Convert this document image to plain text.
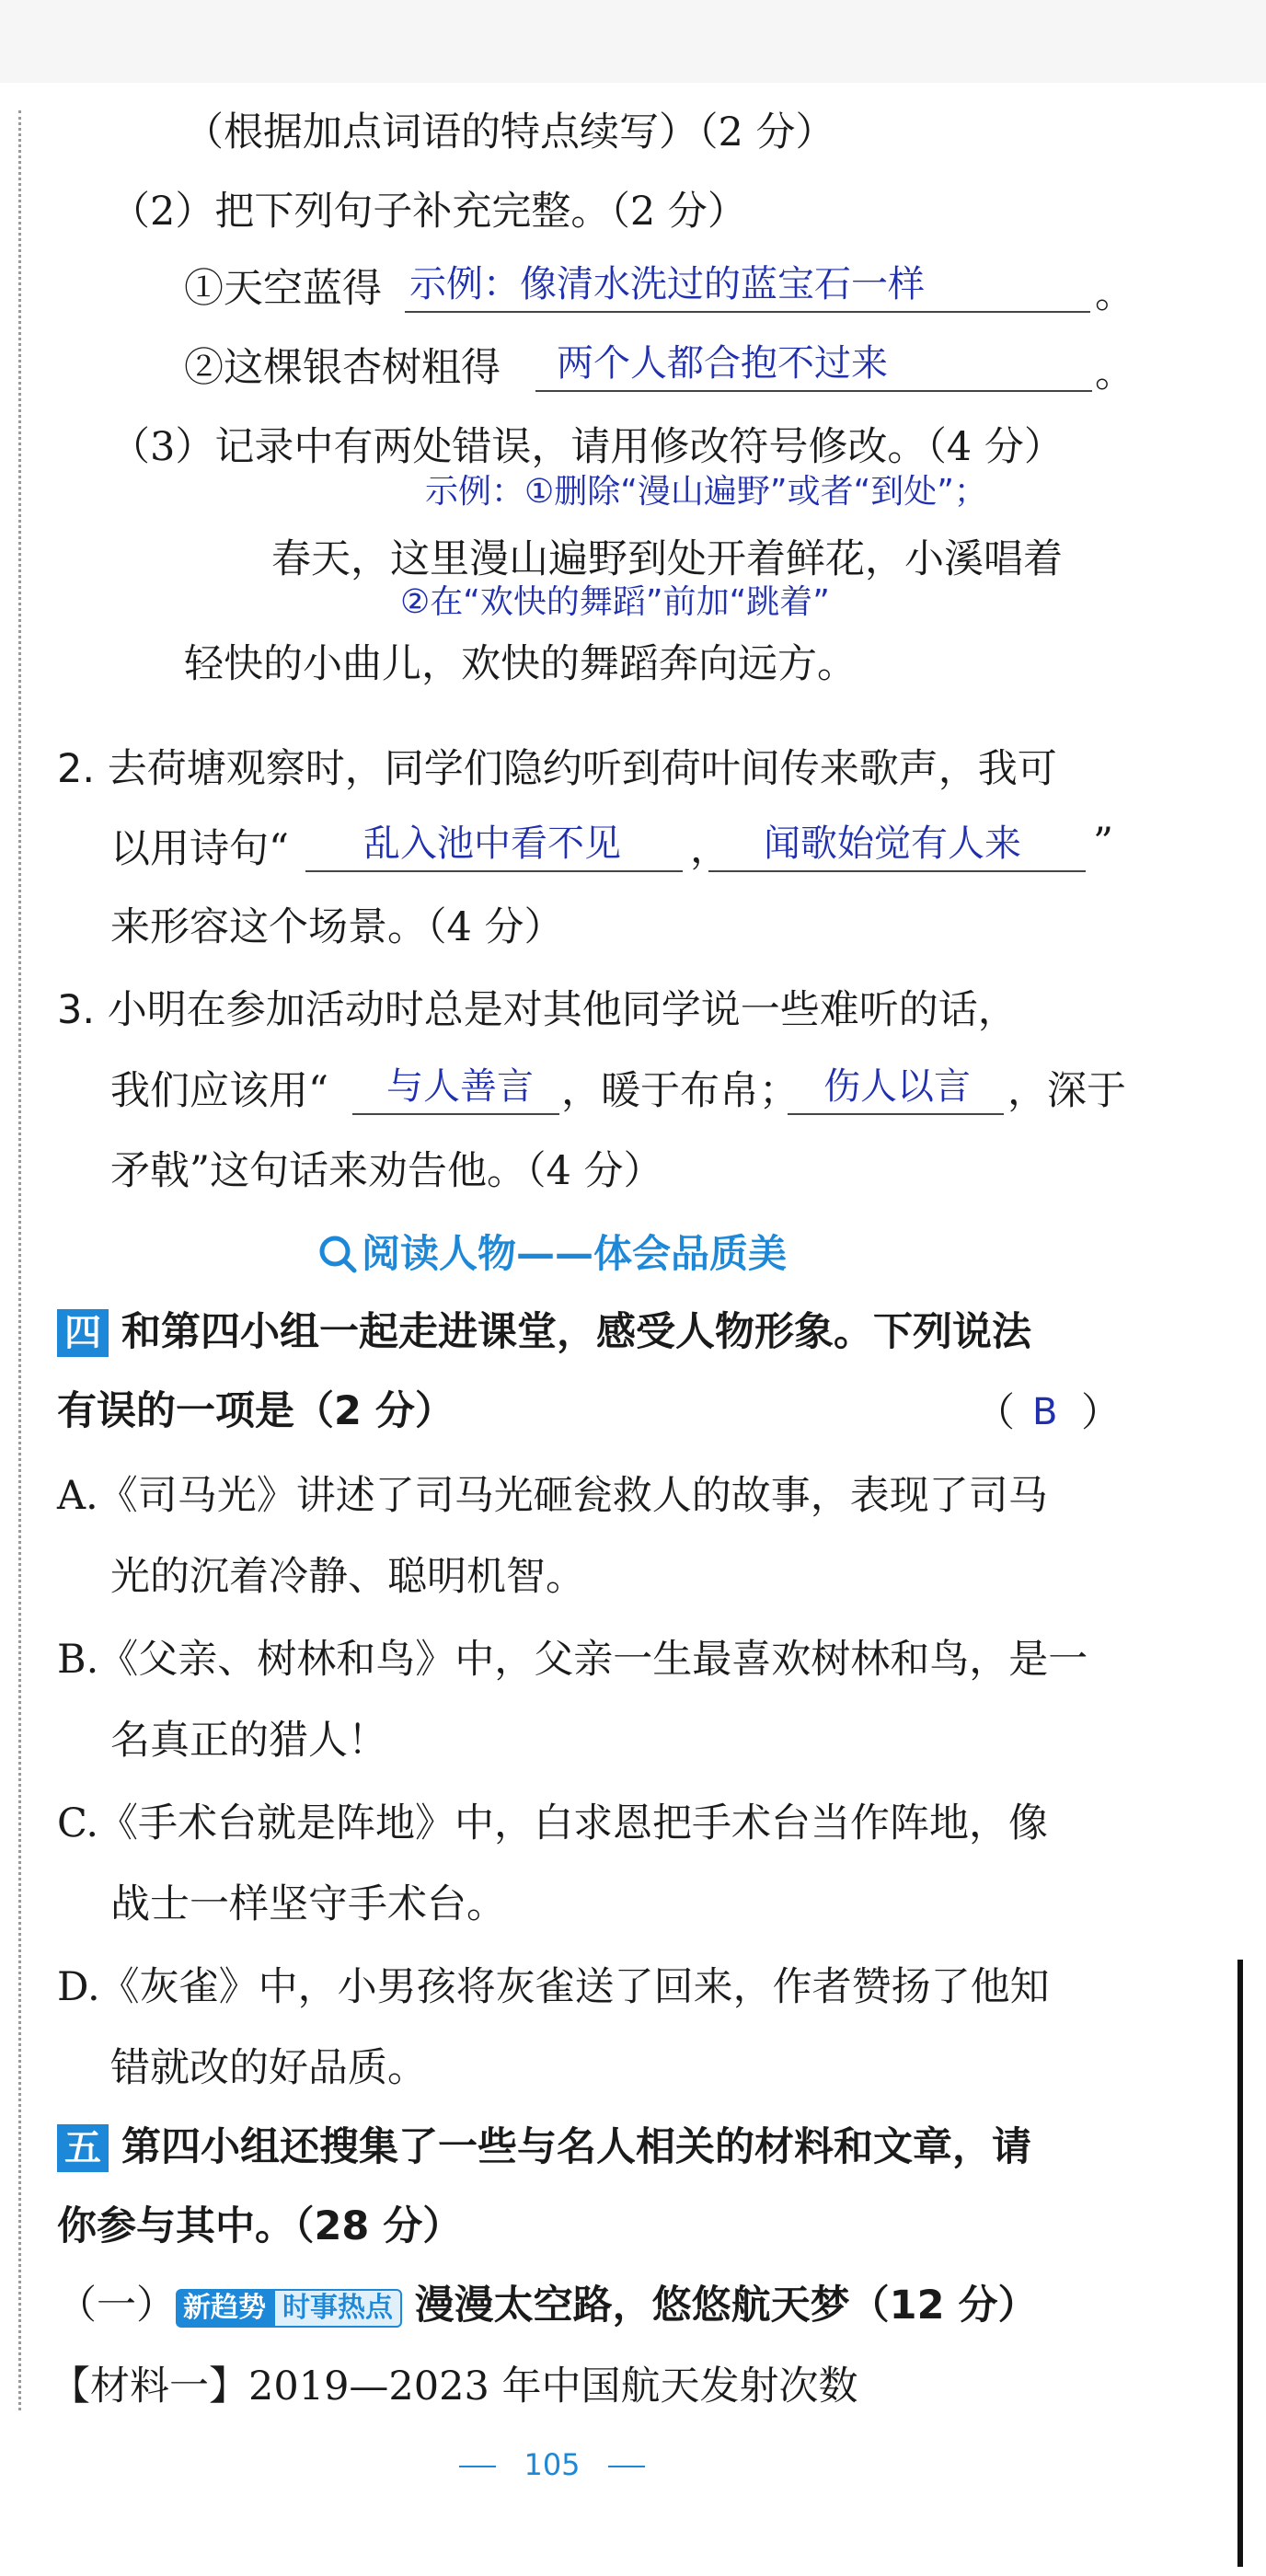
（根据加点词语的特点续写）（2 分）
（2）把下列句子补充完整。（2 分）
①天空蓝得 示例：像清水洗过的蓝宝石一样	。
②这棵银杏树粗得 两个人都合抱不过来	。
（3）记录中有两处错误，请用修改符号修改。（4 分）
示例：①删除“漫山遍野”或者“到处”；
春天，这里漫山遍野到处开着鲜花，小溪唱着
②在“欢快的舞蹈”前加“跳着”
轻快的小曲儿，欢快的舞蹈奔向远方。
2. 去荷塘观察时，同学们隐约听到荷叶间传来歌声，我可
以用诗句“ 乱入池中看不见 ， 闻歌始觉有人来 ”
来形容这个场景。（4 分）
3. 小明在参加活动时总是对其他同学说一些难听的话，
我们应该用“ 与人善言 ，暖于布帛； 伤人以言 ，深于
矛戟”这句话来劝告他。（4 分）
阅读人物——体会品质美
四 和第四小组一起走进课堂，感受人物形象。下列说法
有误的一项是（2 分）	（ B ）
A.《司马光》讲述了司马光砸瓮救人的故事，表现了司马
光的沉着冷静、聪明机智。
B.《父亲、树林和鸟》中，父亲一生最喜欢树林和鸟，是一
名真正的猎人！
C.《手术台就是阵地》中，白求恩把手术台当作阵地，像
战士一样坚守手术台。
D.《灰雀》中，小男孩将灰雀送了回来，作者赞扬了他知
错就改的好品质。
五 第四小组还搜集了一些与名人相关的材料和文章，请
你参与其中。（28 分）
（一） 新趋势 时事热点 漫漫太空路，悠悠航天梦（12 分）
【材料一】2019—2023 年中国航天发射次数
105
